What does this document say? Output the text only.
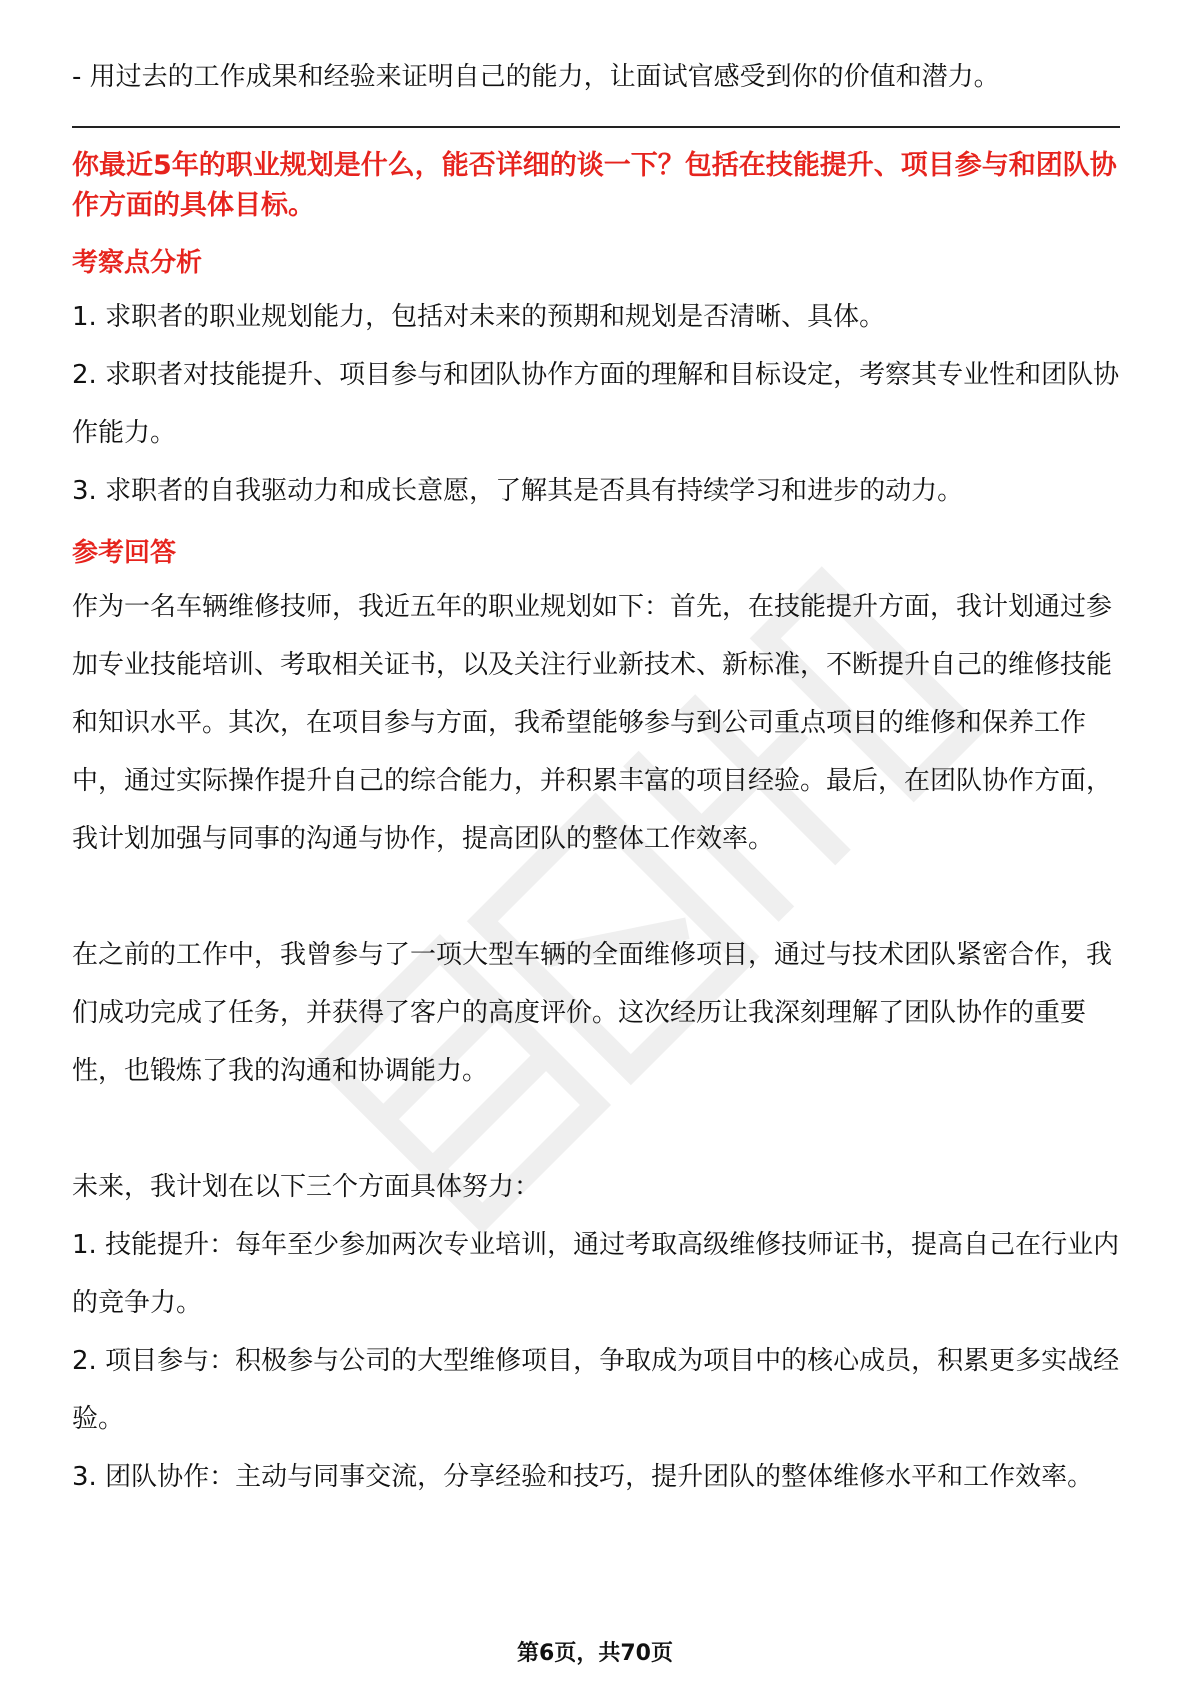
- 用过去的工作成果和经验来证明自己的能力，让面试官感受到你的价值和潜力。

你最近5年的职业规划是什么，能否详细的谈一下？包括在技能提升、项目参与和团队协作方面的具体目标。

考察点分析

1. 求职者的职业规划能力，包括对未来的预期和规划是否清晰、具体。

2. 求职者对技能提升、项目参与和团队协作方面的理解和目标设定，考察其专业性和团队协作能力。

3. 求职者的自我驱动力和成长意愿，了解其是否具有持续学习和进步的动力。

参考回答

作为一名车辆维修技师，我近五年的职业规划如下：首先，在技能提升方面，我计划通过参加专业技能培训、考取相关证书，以及关注行业新技术、新标准，不断提升自己的维修技能和知识水平。其次，在项目参与方面，我希望能够参与到公司重点项目的维修和保养工作中，通过实际操作提升自己的综合能力，并积累丰富的项目经验。最后，在团队协作方面，我计划加强与同事的沟通与协作，提高团队的整体工作效率。

在之前的工作中，我曾参与了一项大型车辆的全面维修项目，通过与技术团队紧密合作，我们成功完成了任务，并获得了客户的高度评价。这次经历让我深刻理解了团队协作的重要性，也锻炼了我的沟通和协调能力。

未来，我计划在以下三个方面具体努力：

1. 技能提升：每年至少参加两次专业培训，通过考取高级维修技师证书，提高自己在行业内的竞争力。

2. 项目参与：积极参与公司的大型维修项目，争取成为项目中的核心成员，积累更多实战经验。

3. 团队协作：主动与同事交流，分享经验和技巧，提升团队的整体维修水平和工作效率。

第6页，共70页
